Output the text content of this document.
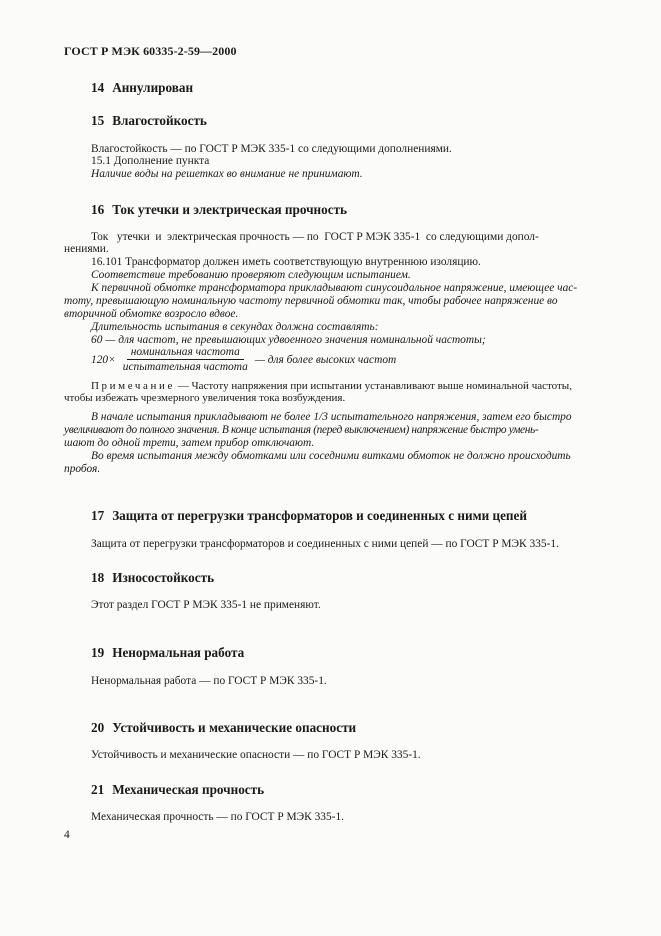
ГОСТ Р МЭК 60335-2-59—2000
14 Аннулирован
15 Влагостойкость
Влагостойкость — по ГОСТ Р МЭК 335-1 со следующими дополнениями.
15.1 Дополнение пункта
Наличие воды на решетках во внимание не принимают.
16 Ток утечки и электрическая прочность
Ток   утечки  и  электрическая прочность — по  ГОСТ Р МЭК 335-1  со следующими допол-
нениями.
16.101 Трансформатор должен иметь соответствующую внутреннюю изоляцию.
Соответствие требованию проверяют следующим испытанием.
К первичной обмотке трансформатора прикладывают синусоидальное напряжение, имеющее час-
тоту, превышающую номинальную частоту первичной обмотки так, чтобы рабочее напряжение во
вторичной обмотке возросло вдвое.
Длительность испытания в секундах должна составлять:
60 — для частот, не превышающих удвоенного значения номинальной частоты;
$120\times \frac{\text{номинальная частота}}{\text{испытательная частота}}$ — для более высоких частот
Примечание — Частоту напряжения при испытании устанавливают выше номинальной частоты,
чтобы избежать чрезмерного увеличения тока возбуждения.
В начале испытания прикладывают не более 1/3 испытательного напряжения, затем его быстро
увеличивают до полного значения. В конце испытания (перед выключением) напряжение быстро умень-
шают до одной трети, затем прибор отключают.
Во время испытания между обмотками или соседними витками обмоток не должно происходить
пробоя.
17 Защита от перегрузки трансформаторов и соединенных с ними цепей
Защита от перегрузки трансформаторов и соединенных с ними цепей — по ГОСТ Р МЭК 335-1.
18 Износостойкость
Этот раздел ГОСТ Р МЭК 335-1 не применяют.
19 Ненормальная работа
Ненормальная работа — по ГОСТ Р МЭК 335-1.
20 Устойчивость и механические опасности
Устойчивость и механические опасности — по ГОСТ Р МЭК 335-1.
21 Механическая прочность
Механическая прочность — по ГОСТ Р МЭК 335-1.
4
